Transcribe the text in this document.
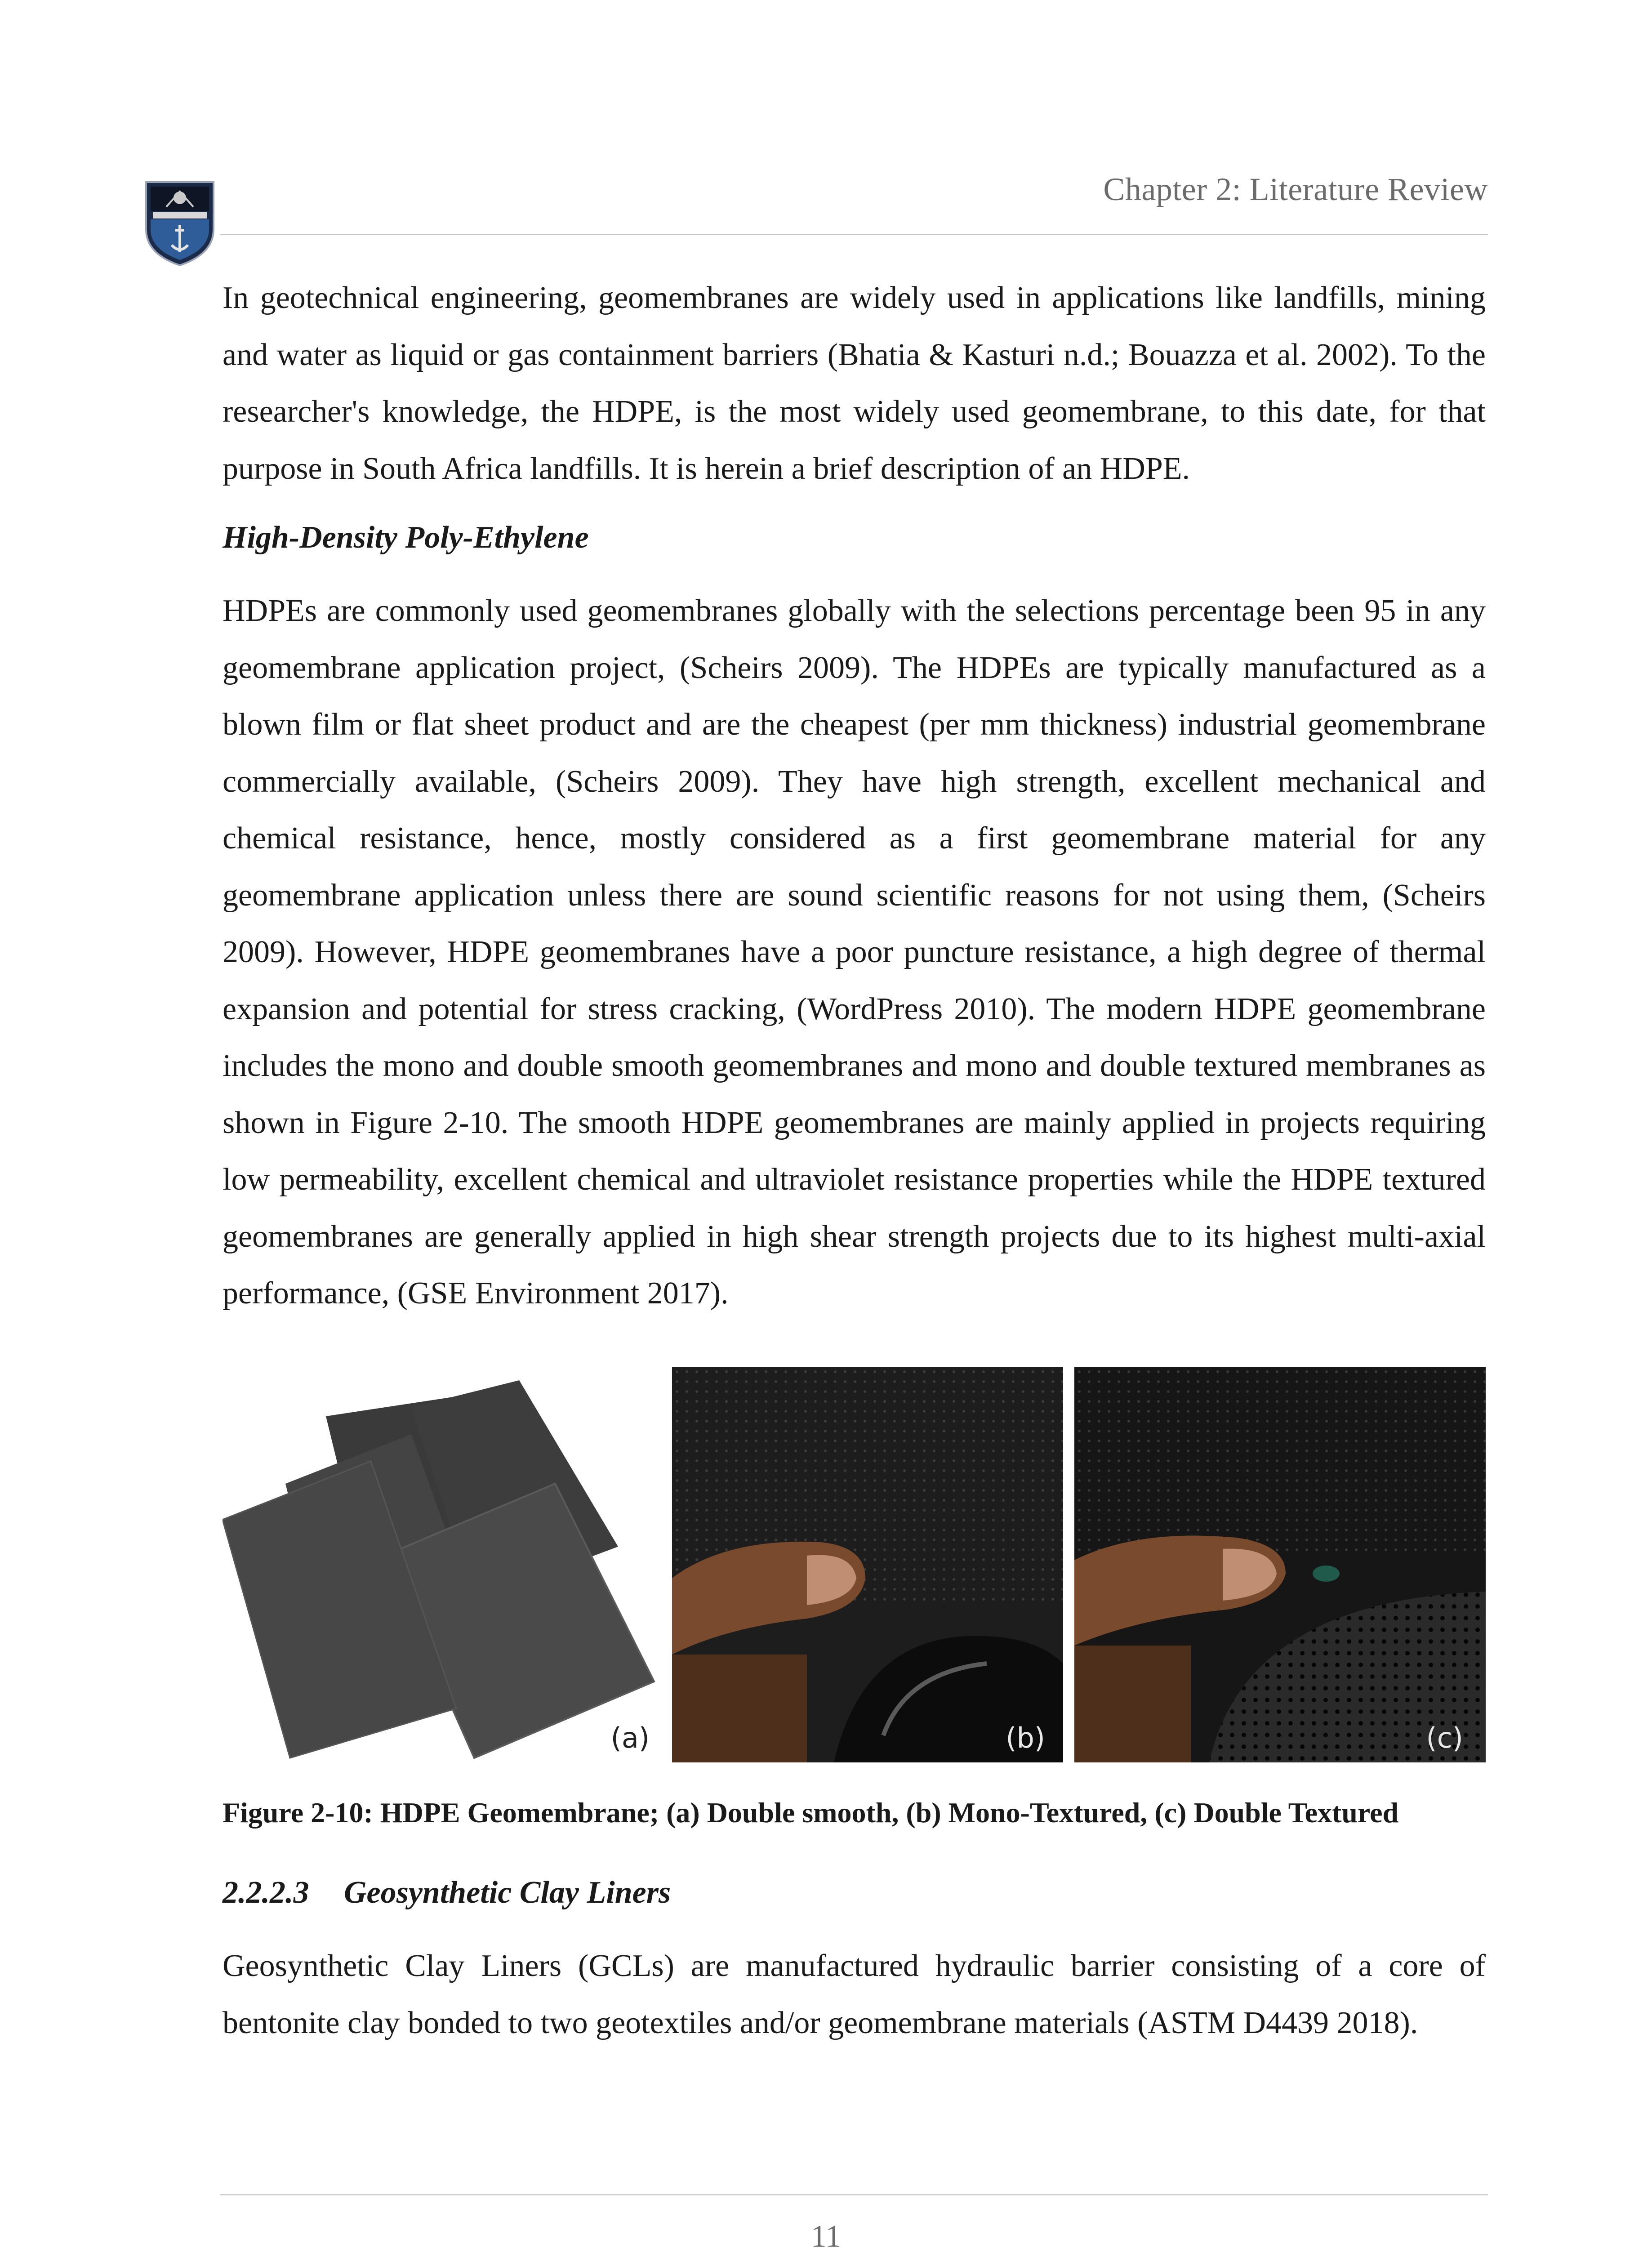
Chapter 2: Literature Review

In geotechnical engineering, geomembranes are widely used in applications like landfills, mining and water as liquid or gas containment barriers (Bhatia & Kasturi n.d.; Bouazza et al. 2002). To the researcher's knowledge, the HDPE, is the most widely used geomembrane, to this date, for that purpose in South Africa landfills. It is herein a brief description of an HDPE.

High-Density Poly-Ethylene

HDPEs are commonly used geomembranes globally with the selections percentage been 95 in any geomembrane application project, (Scheirs 2009). The HDPEs are typically manufactured as a blown film or flat sheet product and are the cheapest (per mm thickness) industrial geomembrane commercially available, (Scheirs 2009). They have high strength, excellent mechanical and chemical resistance, hence, mostly considered as a first geomembrane material for any geomembrane application unless there are sound scientific reasons for not using them, (Scheirs 2009). However, HDPE geomembranes have a poor puncture resistance, a high degree of thermal expansion and potential for stress cracking, (WordPress 2010). The modern HDPE geomembrane includes the mono and double smooth geomembranes and mono and double textured membranes as shown in Figure 2-10. The smooth HDPE geomembranes are mainly applied in projects requiring low permeability, excellent chemical and ultraviolet resistance properties while the HDPE textured geomembranes are generally applied in high shear strength projects due to its highest multi-axial performance, (GSE Environment 2017).

(a)	(b)	(c)

Figure 2-10: HDPE Geomembrane; (a) Double smooth, (b) Mono-Textured, (c) Double Textured

2.2.2.3 Geosynthetic Clay Liners

Geosynthetic Clay Liners (GCLs) are manufactured hydraulic barrier consisting of a core of bentonite clay bonded to two geotextiles and/or geomembrane materials (ASTM D4439 2018).

11
